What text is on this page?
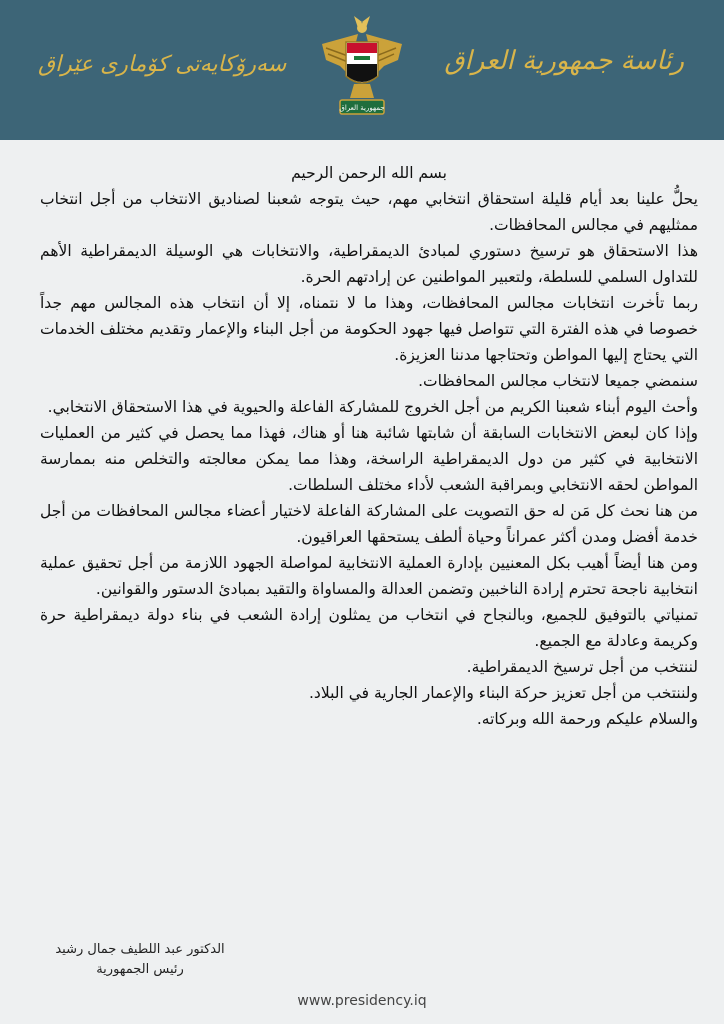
سەرۆکایەتی کۆماری عێراق
جمهورية العراق
رئاسة جمهورية العراق

بسم الله الرحمن الرحيم

يحلُّ علينا بعد أيام قليلة استحقاق انتخابي مهم، حيث يتوجه شعبنا لصناديق الانتخاب من أجل انتخاب ممثليهم في مجالس المحافظات.

هذا الاستحقاق هو ترسيخ دستوري لمبادئ الديمقراطية، والانتخابات هي الوسيلة الديمقراطية الأهم للتداول السلمي للسلطة، ولتعبير المواطنين عن إرادتهم الحرة.

ربما تأخرت انتخابات مجالس المحافظات، وهذا ما لا نتمناه، إلا أن انتخاب هذه المجالس مهم جداً خصوصا في هذه الفترة التي تتواصل فيها جهود الحكومة من أجل البناء والإعمار وتقديم مختلف الخدمات التي يحتاج إليها المواطن وتحتاجها مدننا العزيزة.

سنمضي جميعا لانتخاب مجالس المحافظات.

وأحث اليوم أبناء شعبنا الكريم من أجل الخروج للمشاركة الفاعلة والحيوية في هذا الاستحقاق الانتخابي.

وإذا كان لبعض الانتخابات السابقة أن شابتها شائبة هنا أو هناك، فهذا مما يحصل في كثير من العمليات الانتخابية في كثير من دول الديمقراطية الراسخة، وهذا مما يمكن معالجته والتخلص منه بممارسة المواطن لحقه الانتخابي وبمراقبة الشعب لأداء مختلف السلطات.

من هنا نحث كل مَن له حق التصويت على المشاركة الفاعلة لاختيار أعضاء مجالس المحافظات من أجل خدمة أفضل ومدن أكثر عمراناً وحياة ألطف يستحقها العراقيون.

ومن هنا أيضاً أهيب بكل المعنيين بإدارة العملية الانتخابية لمواصلة الجهود اللازمة من أجل تحقيق عملية انتخابية ناجحة تحترم إرادة الناخبين وتضمن العدالة والمساواة والتقيد بمبادئ الدستور والقوانين.

تمنياتي بالتوفيق للجميع، وبالنجاح في انتخاب من يمثلون إرادة الشعب في بناء دولة ديمقراطية حرة وكريمة وعادلة مع الجميع.

لننتخب من أجل ترسيخ الديمقراطية.

ولننتخب من أجل تعزيز حركة البناء والإعمار الجارية في البلاد.

والسلام عليكم ورحمة الله وبركاته.

الدكتور عبد اللطيف جمال رشيد
رئيس الجمهورية
www.presidency.iq
